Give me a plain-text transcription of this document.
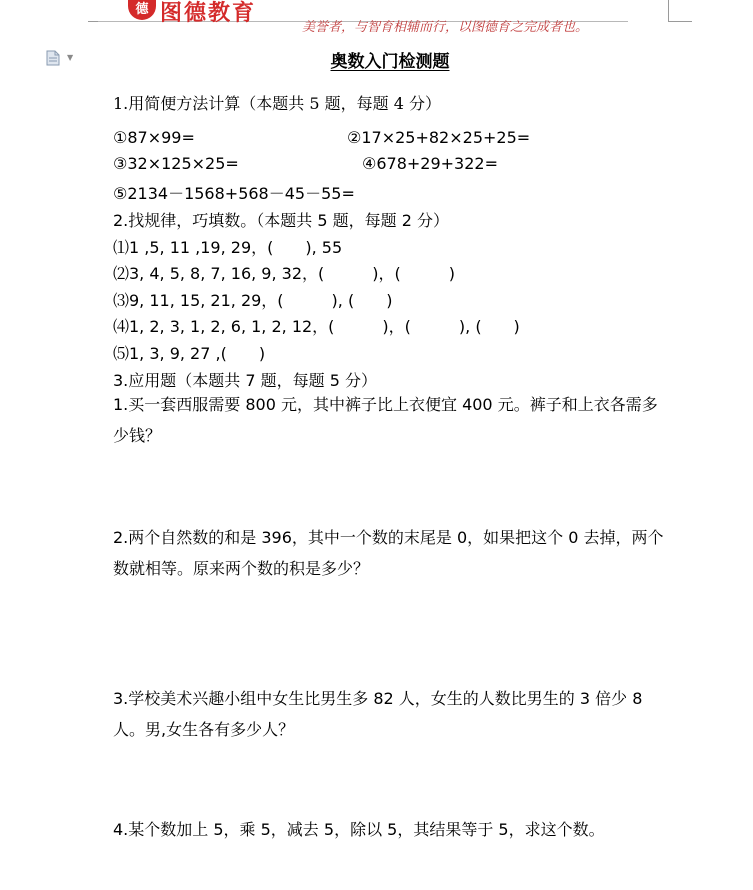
德 图德教育
美誉者，与智育相辅而行，以图德育之完成者也。
▼	奥数入门检测题
1.用简便方法计算（本题共 5 题，每题 4 分）
①87×99=	②17×25+82×25+25=
③32×125×25=	④678+29+322=
⑤2134－1568+568－45－55=
2.找规律，巧填数。（本题共 5 题，每题 2 分）
⑴1 ,5, 11 ,19, 29，(　　), 55
⑵3, 4, 5, 8, 7, 16, 9, 32，(　　　)，(　　　)
⑶9, 11, 15, 21, 29，(　　　), (　　)
⑷1, 2, 3, 1, 2, 6, 1, 2, 12，(　　　)，(　　　), (　　)
⑸1, 3, 9, 27 ,(　　)
3.应用题（本题共 7 题，每题 5 分）
1.买一套西服需要 800 元，其中裤子比上衣便宜 400 元。裤子和上衣各需多少钱？
2.两个自然数的和是 396，其中一个数的末尾是 0，如果把这个 0 去掉，两个数就相等。原来两个数的积是多少？
3.学校美术兴趣小组中女生比男生多 82 人，女生的人数比男生的 3 倍少 8 人。男,女生各有多少人？
4.某个数加上 5，乘 5，减去 5，除以 5，其结果等于 5，求这个数。
